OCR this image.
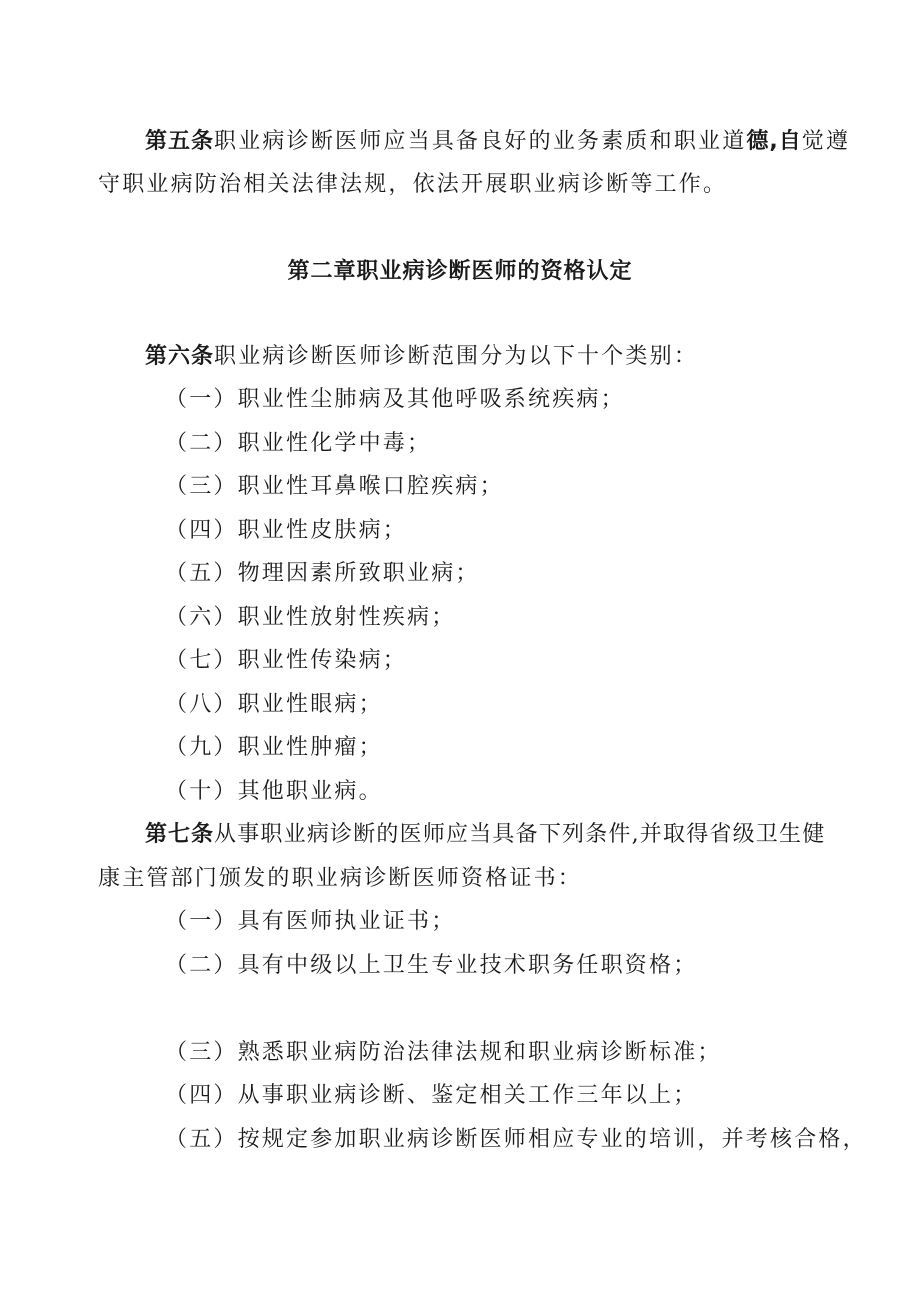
第五条职业病诊断医师应当具备良好的业务素质和职业道德,自觉遵
守职业病防治相关法律法规，依法开展职业病诊断等工作。
第二章职业病诊断医师的资格认定
第六条职业病诊断医师诊断范围分为以下十个类别：
（一）职业性尘肺病及其他呼吸系统疾病；
（二）职业性化学中毒；
（三）职业性耳鼻喉口腔疾病；
（四）职业性皮肤病；
（五）物理因素所致职业病；
（六）职业性放射性疾病；
（七）职业性传染病；
（八）职业性眼病；
（九）职业性肿瘤；
（十）其他职业病。
第七条从事职业病诊断的医师应当具备下列条件,并取得省级卫生健
康主管部门颁发的职业病诊断医师资格证书：
（一）具有医师执业证书；
（二）具有中级以上卫生专业技术职务任职资格；
（三）熟悉职业病防治法律法规和职业病诊断标准；
（四）从事职业病诊断、鉴定相关工作三年以上；
（五）按规定参加职业病诊断医师相应专业的培训，并考核合格，
